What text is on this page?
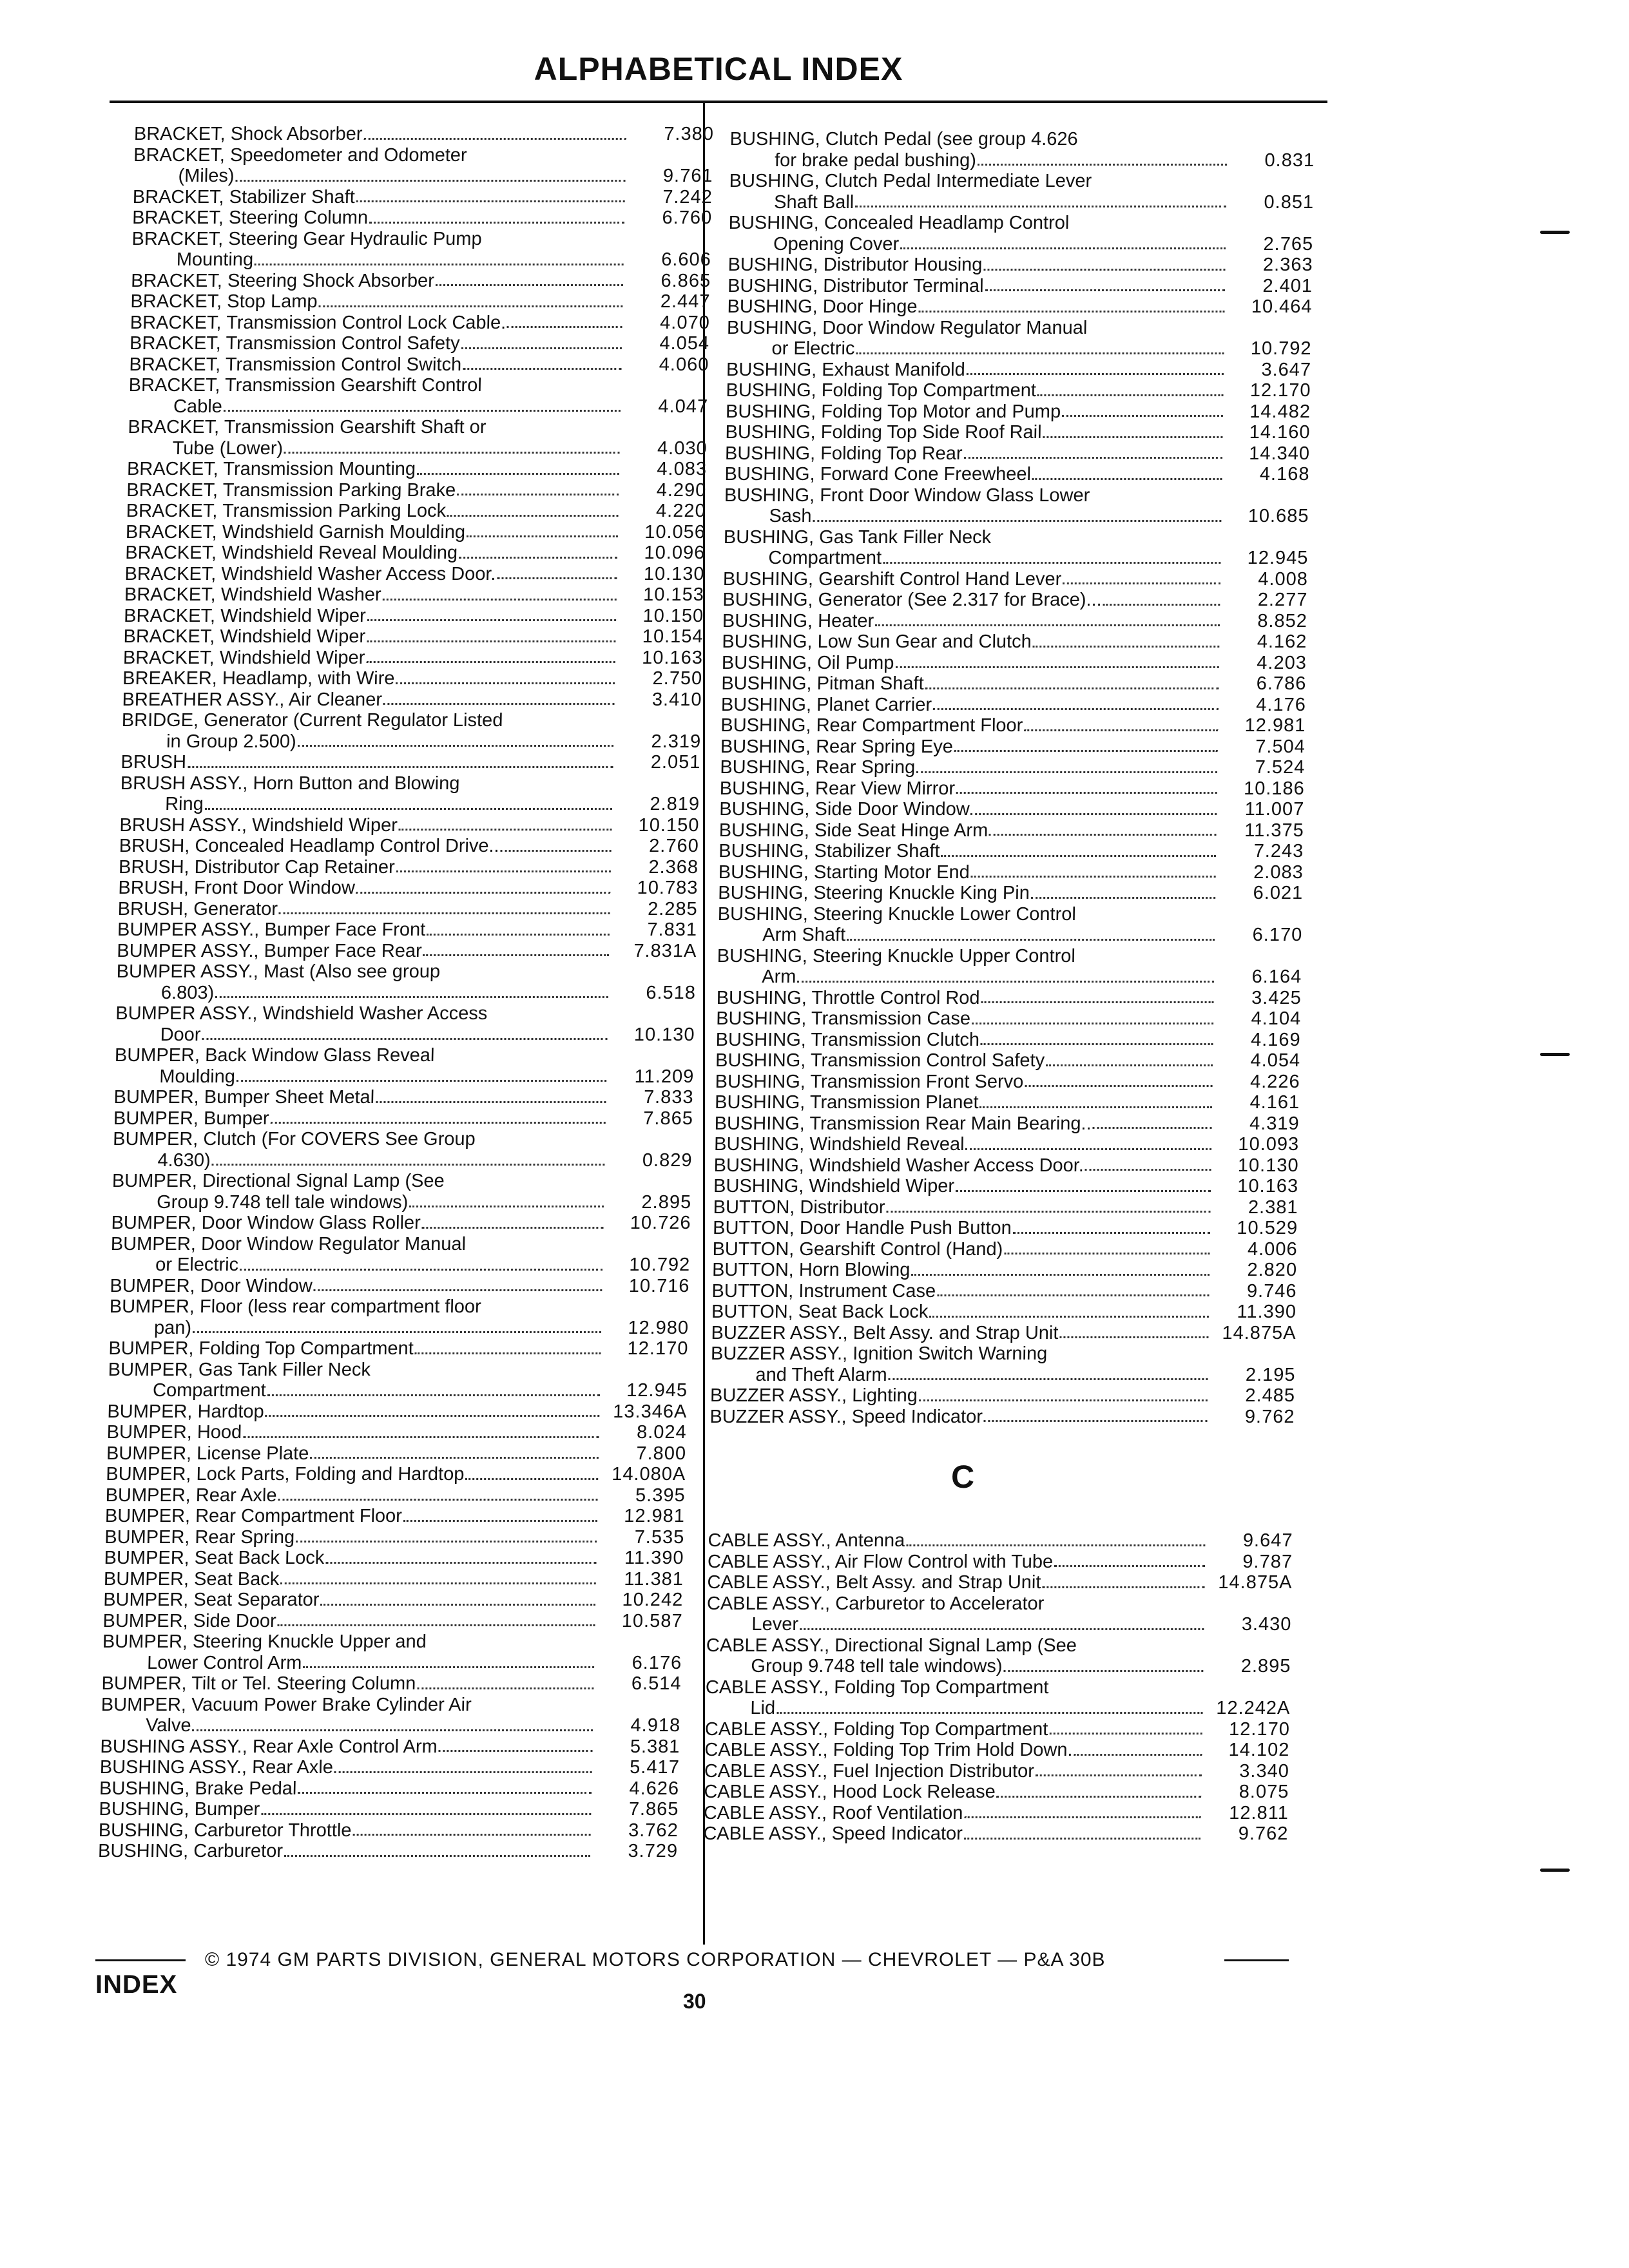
ALPHABETICAL INDEX
BRACKET, Shock Absorber	7.380
BRACKET, Speedometer and Odometer
(Miles)	9.761
BRACKET, Stabilizer Shaft	7.242
BRACKET, Steering Column	6.760
BRACKET, Steering Gear Hydraulic Pump
Mounting	6.606
BRACKET, Steering Shock Absorber	6.865
BRACKET, Stop Lamp	2.447
BRACKET, Transmission Control Lock Cable.	4.070
BRACKET, Transmission Control Safety	4.054
BRACKET, Transmission Control Switch	4.060
BRACKET, Transmission Gearshift Control
Cable	4.047
BRACKET, Transmission Gearshift Shaft or
Tube (Lower)	4.030
BRACKET, Transmission Mounting	4.083
BRACKET, Transmission Parking Brake	4.290
BRACKET, Transmission Parking Lock	4.220
BRACKET, Windshield Garnish Moulding	10.056
BRACKET, Windshield Reveal Moulding	10.096
BRACKET, Windshield Washer Access Door.	10.130
BRACKET, Windshield Washer	10.153
BRACKET, Windshield Wiper	10.150
BRACKET, Windshield Wiper	10.154
BRACKET, Windshield Wiper	10.163
BREAKER, Headlamp, with Wire	2.750
BREATHER ASSY., Air Cleaner	3.410
BRIDGE, Generator (Current Regulator Listed
in Group 2.500)	2.319
BRUSH	2.051
BRUSH ASSY., Horn Button and Blowing
Ring	2.819
BRUSH ASSY., Windshield Wiper	10.150
BRUSH, Concealed Headlamp Control Drive..	2.760
BRUSH, Distributor Cap Retainer	2.368
BRUSH, Front Door Window	10.783
BRUSH, Generator	2.285
BUMPER ASSY., Bumper Face Front	7.831
BUMPER ASSY., Bumper Face Rear	7.831A
BUMPER ASSY., Mast (Also see group
6.803)	6.518
BUMPER ASSY., Windshield Washer Access
Door	10.130
BUMPER, Back Window Glass Reveal
Moulding	11.209
BUMPER, Bumper Sheet Metal	7.833
BUMPER, Bumper	7.865
BUMPER, Clutch (For COVERS See Group
4.630)	0.829
BUMPER, Directional Signal Lamp (See
Group 9.748 tell tale windows)	2.895
BUMPER, Door Window Glass Roller	10.726
BUMPER, Door Window Regulator Manual
or Electric	10.792
BUMPER, Door Window	10.716
BUMPER, Floor (less rear compartment floor
pan)	12.980
BUMPER, Folding Top Compartment	12.170
BUMPER, Gas Tank Filler Neck
Compartment	12.945
BUMPER, Hardtop	13.346A
BUMPER, Hood	8.024
BUMPER, License Plate	7.800
BUMPER, Lock Parts, Folding and Hardtop	14.080A
BUMPER, Rear Axle	5.395
BUMPER, Rear Compartment Floor	12.981
BUMPER, Rear Spring	7.535
BUMPER, Seat Back Lock	11.390
BUMPER, Seat Back	11.381
BUMPER, Seat Separator	10.242
BUMPER, Side Door	10.587
BUMPER, Steering Knuckle Upper and
Lower Control Arm	6.176
BUMPER, Tilt or Tel. Steering Column	6.514
BUMPER, Vacuum Power Brake Cylinder Air
Valve	4.918
BUSHING ASSY., Rear Axle Control Arm	5.381
BUSHING ASSY., Rear Axle	5.417
BUSHING, Brake Pedal	4.626
BUSHING, Bumper	7.865
BUSHING, Carburetor Throttle	3.762
BUSHING, Carburetor	3.729
BUSHING, Clutch Pedal (see group 4.626
for brake pedal bushing)	0.831
BUSHING, Clutch Pedal Intermediate Lever
Shaft Ball	0.851
BUSHING, Concealed Headlamp Control
Opening Cover	2.765
BUSHING, Distributor Housing	2.363
BUSHING, Distributor Terminal	2.401
BUSHING, Door Hinge	10.464
BUSHING, Door Window Regulator Manual
or Electric	10.792
BUSHING, Exhaust Manifold	3.647
BUSHING, Folding Top Compartment	12.170
BUSHING, Folding Top Motor and Pump	14.482
BUSHING, Folding Top Side Roof Rail	14.160
BUSHING, Folding Top Rear	14.340
BUSHING, Forward Cone Freewheel	4.168
BUSHING, Front Door Window Glass Lower
Sash	10.685
BUSHING, Gas Tank Filler Neck
Compartment	12.945
BUSHING, Gearshift Control Hand Lever	4.008
BUSHING, Generator (See 2.317 for Brace)...	2.277
BUSHING, Heater	8.852
BUSHING, Low Sun Gear and Clutch	4.162
BUSHING, Oil Pump	4.203
BUSHING, Pitman Shaft	6.786
BUSHING, Planet Carrier	4.176
BUSHING, Rear Compartment Floor	12.981
BUSHING, Rear Spring Eye	7.504
BUSHING, Rear Spring	7.524
BUSHING, Rear View Mirror	10.186
BUSHING, Side Door Window	11.007
BUSHING, Side Seat Hinge Arm	11.375
BUSHING, Stabilizer Shaft	7.243
BUSHING, Starting Motor End	2.083
BUSHING, Steering Knuckle King Pin	6.021
BUSHING, Steering Knuckle Lower Control
Arm Shaft	6.170
BUSHING, Steering Knuckle Upper Control
Arm	6.164
BUSHING, Throttle Control Rod	3.425
BUSHING, Transmission Case	4.104
BUSHING, Transmission Clutch	4.169
BUSHING, Transmission Control Safety	4.054
BUSHING, Transmission Front Servo	4.226
BUSHING, Transmission Planet	4.161
BUSHING, Transmission Rear Main Bearing..	4.319
BUSHING, Windshield Reveal	10.093
BUSHING, Windshield Washer Access Door.	10.130
BUSHING, Windshield Wiper	10.163
BUTTON, Distributor	2.381
BUTTON, Door Handle Push Button	10.529
BUTTON, Gearshift Control (Hand)	4.006
BUTTON, Horn Blowing	2.820
BUTTON, Instrument Case	9.746
BUTTON, Seat Back Lock	11.390
BUZZER ASSY., Belt Assy. and Strap Unit	14.875A
BUZZER ASSY., Ignition Switch Warning
and Theft Alarm	2.195
BUZZER ASSY., Lighting	2.485
BUZZER ASSY., Speed Indicator	9.762
C
CABLE ASSY., Antenna	9.647
CABLE ASSY., Air Flow Control with Tube	9.787
CABLE ASSY., Belt Assy. and Strap Unit	14.875A
CABLE ASSY., Carburetor to Accelerator
Lever	3.430
CABLE ASSY., Directional Signal Lamp (See
Group 9.748 tell tale windows)	2.895
CABLE ASSY., Folding Top Compartment
Lid	12.242A
CABLE ASSY., Folding Top Compartment	12.170
CABLE ASSY., Folding Top Trim Hold Down.	14.102
CABLE ASSY., Fuel Injection Distributor	3.340
CABLE ASSY., Hood Lock Release	8.075
CABLE ASSY., Roof Ventilation	12.811
CABLE ASSY., Speed Indicator	9.762
© 1974 GM PARTS DIVISION, GENERAL MOTORS CORPORATION — CHEVROLET — P&A 30B
INDEX
30
